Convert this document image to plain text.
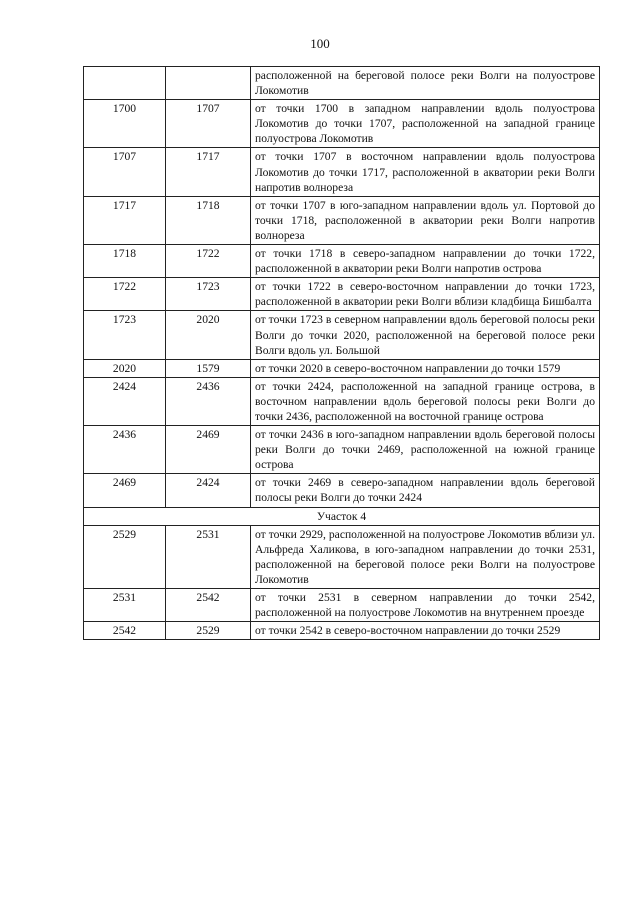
100
		расположенной на береговой полосе реки Волги на полуострове Локомотив
1700	1707	от точки 1700 в западном направлении вдоль полуострова Локомотив до точки 1707, расположенной на западной границе полуострова Локомотив
1707	1717	от точки 1707 в восточном направлении вдоль полуострова Локомотив до точки 1717, расположенной в акватории реки Волги напротив волнореза
1717	1718	от точки 1707 в юго-западном направлении вдоль ул. Портовой до точки 1718, расположенной в акватории реки Волги напротив волнореза
1718	1722	от точки 1718 в северо-западном направлении до точки 1722, расположенной в акватории реки Волги напротив острова
1722	1723	от точки 1722 в северо-восточном направлении до точки 1723, расположенной в акватории реки Волги вблизи кладбища Бишбалта
1723	2020	от точки 1723 в северном направлении вдоль береговой полосы реки Волги до точки 2020, расположенной на береговой полосе реки Волги вдоль ул. Большой
2020	1579	от точки 2020 в северо-восточном направлении до точки 1579
2424	2436	от точки 2424, расположенной на западной границе острова, в восточном направлении вдоль береговой полосы реки Волги до точки 2436, расположенной на восточной границе острова
2436	2469	от точки 2436 в юго-западном направлении вдоль береговой полосы реки Волги до точки 2469, расположенной на южной границе острова
2469	2424	от точки 2469 в северо-западном направлении вдоль береговой полосы реки Волги до точки 2424
Участок 4		
2529	2531	от точки 2929, расположенной на полуострове Локомотив вблизи ул. Альфреда Халикова, в юго-западном направлении до точки 2531, расположенной на береговой полосе реки Волги на полуострове Локомотив
2531	2542	от точки 2531 в северном направлении до точки 2542, расположенной на полуострове Локомотив на внутреннем проезде
2542	2529	от точки 2542 в северо-восточном направлении до точки 2529
